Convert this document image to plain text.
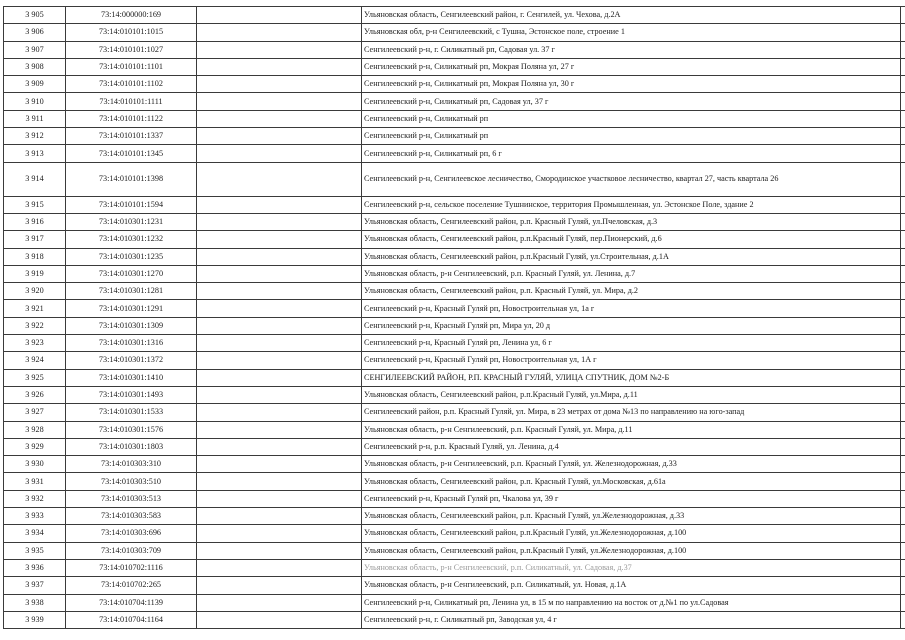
3 905	73:14:000000:169		Ульяновская область, Сенгилеевский район, г. Сенгилей, ул. Чехова, д.2А	
3 906	73:14:010101:1015		Ульяновская обл, р-н Сенгилеевский, с Тушна, Эстонское поле, строение 1	
3 907	73:14:010101:1027		Сенгилеевский р-н, г. Силикатный рп, Садовая ул. 37 г	
3 908	73:14:010101:1101		Сенгилеевский р-н, Силикатный рп, Мокрая Поляна ул, 27 г	
3 909	73:14:010101:1102		Сенгилеевский р-н, Силикатный рп, Мокрая Поляна ул, 30 г	
3 910	73:14:010101:1111		Сенгилеевский р-н, Силикатный рп, Садовая ул, 37 г	
3 911	73:14:010101:1122		Сенгилеевский р-н, Силикатный рп	
3 912	73:14:010101:1337		Сенгилеевский р-н, Силикатный рп	
3 913	73:14:010101:1345		Сенгилеевский р-н, Силикатный рп, 6 г	
3 914	73:14:010101:1398		Сенгилеевский р-н, Сенгилеевское лесничество, Смородинское участковое лесничество, квартал 27, часть квартала 26	
3 915	73:14:010101:1594		Сенгилеевский р-н, сельское поселение Тушнинское, территория Промышленная, ул. Эстонское Поле, здание 2	
3 916	73:14:010301:1231		Ульяновская область, Сенгилеевский район, р.п. Красный Гуляй, ул.Пчеловская, д.3	
3 917	73:14:010301:1232		Ульяновская область, Сенгилеевский район, р.п.Красный Гуляй, пер.Пионерский, д.6	
3 918	73:14:010301:1235		Ульяновская область, Сенгилеевский район, р.п.Красный Гуляй, ул.Строительная, д.1А	
3 919	73:14:010301:1270		Ульяновская область, р-н Сенгилеевский, р.п. Красный Гуляй, ул. Ленина, д.7	
3 920	73:14:010301:1281		Ульяновская область, Сенгилеевский район, р.п. Красный Гуляй, ул. Мира, д.2	
3 921	73:14:010301:1291		Сенгилеевский р-н, Красный Гуляй рп, Новостроительная ул, 1а г	
3 922	73:14:010301:1309		Сенгилеевский р-н, Красный Гуляй рп, Мира ул, 20 д	
3 923	73:14:010301:1316		Сенгилеевский р-н, Красный Гуляй рп, Ленина ул, 6 г	
3 924	73:14:010301:1372		Сенгилеевский р-н, Красный Гуляй рп, Новостроительная ул, 1А г	
3 925	73:14:010301:1410		СЕНГИЛЕЕВСКИЙ РАЙОН, Р.П. КРАСНЫЙ ГУЛЯЙ, УЛИЦА СПУТНИК, ДОМ №2-Б	
3 926	73:14:010301:1493		Ульяновская область, Сенгилеевский район, р.п.Красный Гуляй, ул.Мира, д.11	
3 927	73:14:010301:1533		Сенгилеевский район, р.п. Красный Гуляй, ул. Мира, в 23 метрах от дома №13 по направлению на юго-запад	
3 928	73:14:010301:1576		Ульяновская область, р-н Сенгилеевский, р.п. Красный Гуляй, ул. Мира, д.11	
3 929	73:14:010301:1803		Сенгилеевский р-н, р.п. Красный Гуляй, ул. Ленина, д.4	
3 930	73:14:010303:310		Ульяновская область, р-н Сенгилеевский, р.п. Красный Гуляй, ул. Железнодорожная, д.33	
3 931	73:14:010303:510		Ульяновская область, Сенгилеевский район, р.п. Красный Гуляй, ул.Московская, д.61а	
3 932	73:14:010303:513		Сенгилеевский р-н, Красный Гуляй рп, Чкалова ул, 39 г	
3 933	73:14:010303:583		Ульяновская область, Сенгилеевский район, р.п. Красный Гуляй, ул.Железнодорожная, д.33	
3 934	73:14:010303:696		Ульяновская область, Сенгилеевский район, р.п.Красный Гуляй, ул.Железнодорожная, д.100	
3 935	73:14:010303:709		Ульяновская область, Сенгилеевский район, р.п.Красный Гуляй, ул.Железнодорожная, д.100	
3 936	73:14:010702:1116		Ульяновская область, р-н Сенгилеевский, р.п. Силикатный, ул. Садовая, д.37	
3 937	73:14:010702:265		Ульяновская область, р-н Сенгилеевский, р.п. Силикатный, ул. Новая, д.1А	
3 938	73:14:010704:1139		Сенгилеевский р-н, Силикатный рп, Ленина ул, в 15 м по направлению на восток от д.№1 по ул.Садовая	
3 939	73:14:010704:1164		Сенгилеевский р-н, г. Силикатный рп, Заводская ул, 4 г	
